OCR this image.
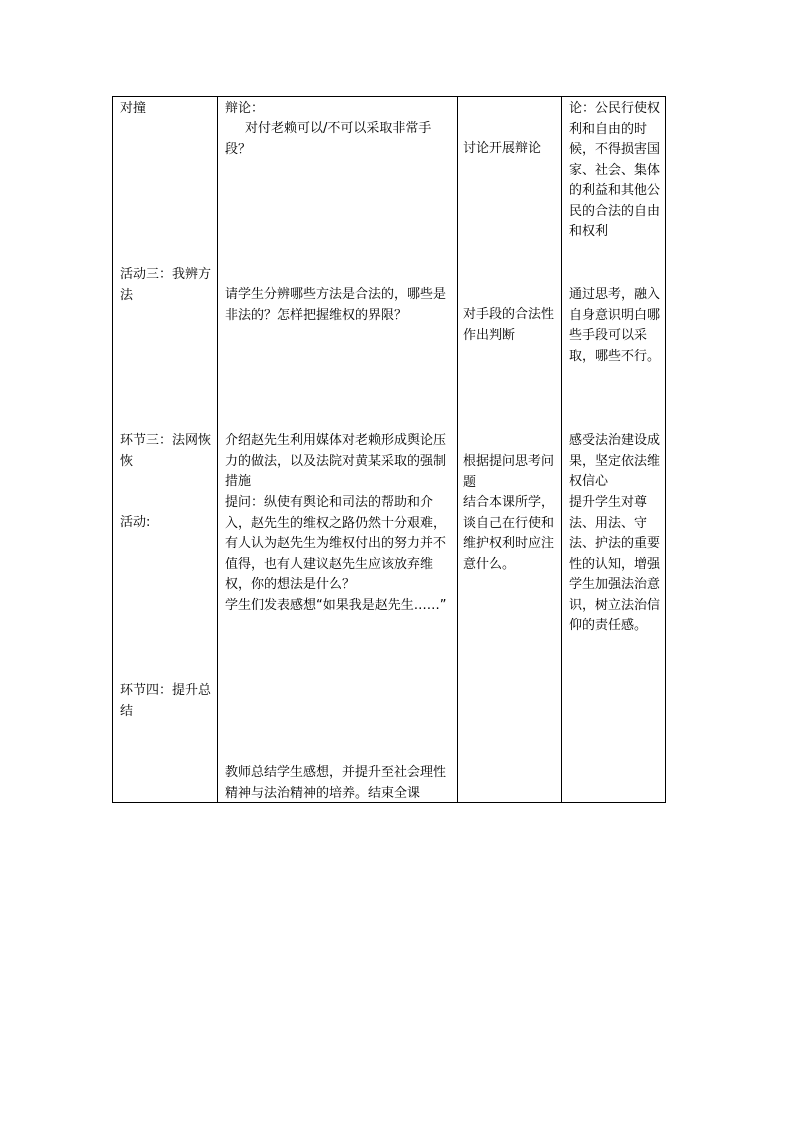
对撞
活动三：我辨方法
环节三：法网恢恢
活动:
环节四：提升总结
辩论：
对付老赖可以/不可以采取非常手段？
请学生分辨哪些方法是合法的，哪些是非法的？怎样把握维权的界限？
介绍赵先生利用媒体对老赖形成舆论压力的做法，以及法院对黄某采取的强制措施
提问：纵使有舆论和司法的帮助和介入，赵先生的维权之路仍然十分艰难，有人认为赵先生为维权付出的努力并不值得，也有人建议赵先生应该放弃维权，你的想法是什么？
学生们发表感想“如果我是赵先生……”
教师总结学生感想，并提升至社会理性精神与法治精神的培养。结束全课
讨论开展辩论
对手段的合法性作出判断
根据提问思考问题
结合本课所学，谈自己在行使和维护权利时应注意什么。
论：公民行使权利和自由的时候，不得损害国家、社会、集体的利益和其他公民的合法的自由和权利
通过思考，融入自身意识明白哪些手段可以采取，哪些不行。
感受法治建设成果，坚定依法维权信心
提升学生对尊法、用法、守法、护法的重要性的认知，增强学生加强法治意识，树立法治信仰的责任感。
